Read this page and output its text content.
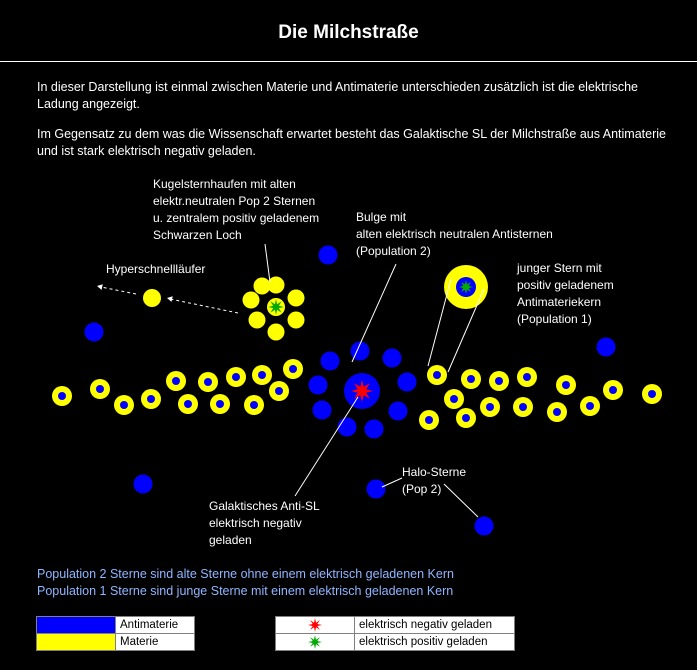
Die Milchstraße

In dieser Darstellung ist einmal zwischen Materie und Antimaterie unterschieden zusätzlich ist die elektrische Ladung angezeigt.

Im Gegensatz zu dem was die Wissenschaft erwartet besteht das Galaktische SL der Milchstraße aus Antimaterie und ist stark elektrisch negativ geladen.

Kugelsternhaufen mit alten elektr.neutralen Pop 2 Sternen u. zentralem positiv geladenem Schwarzen Loch
Bulge mit alten elektrisch neutralen Antisternen (Population 2)
junger Stern mit positiv geladenem Antimateriekern (Population 1)
Hyperschnellläufer
Galaktisches Anti-SL elektrisch negativ geladen
Halo-Sterne (Pop 2)

Population 2 Sterne sind alte Sterne ohne einem elektrisch geladenen Kern

Population 1 Sterne sind junge Sterne mit einem elektrisch geladenen Kern

Antimaterie
Materie
elektrisch negativ geladen
elektrisch positiv geladen
